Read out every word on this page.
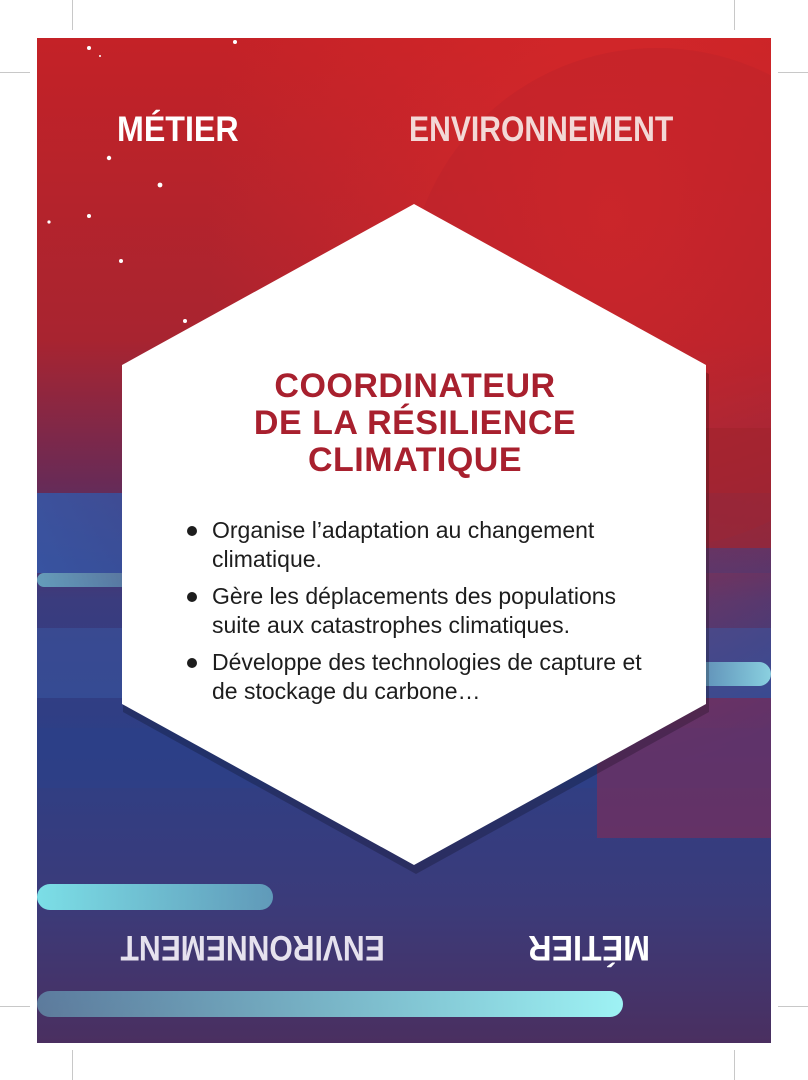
MÉTIER	ENVIRONNEMENT
ENVIRONNEMENT	MÉTIER
COORDINATEUR
DE LA RÉSILIENCE
CLIMATIQUE
Organise l’adaptation au changement climatique.
Gère les déplacements des populations suite aux catastrophes climatiques.
Développe des technologies de capture et de stockage du carbone…
